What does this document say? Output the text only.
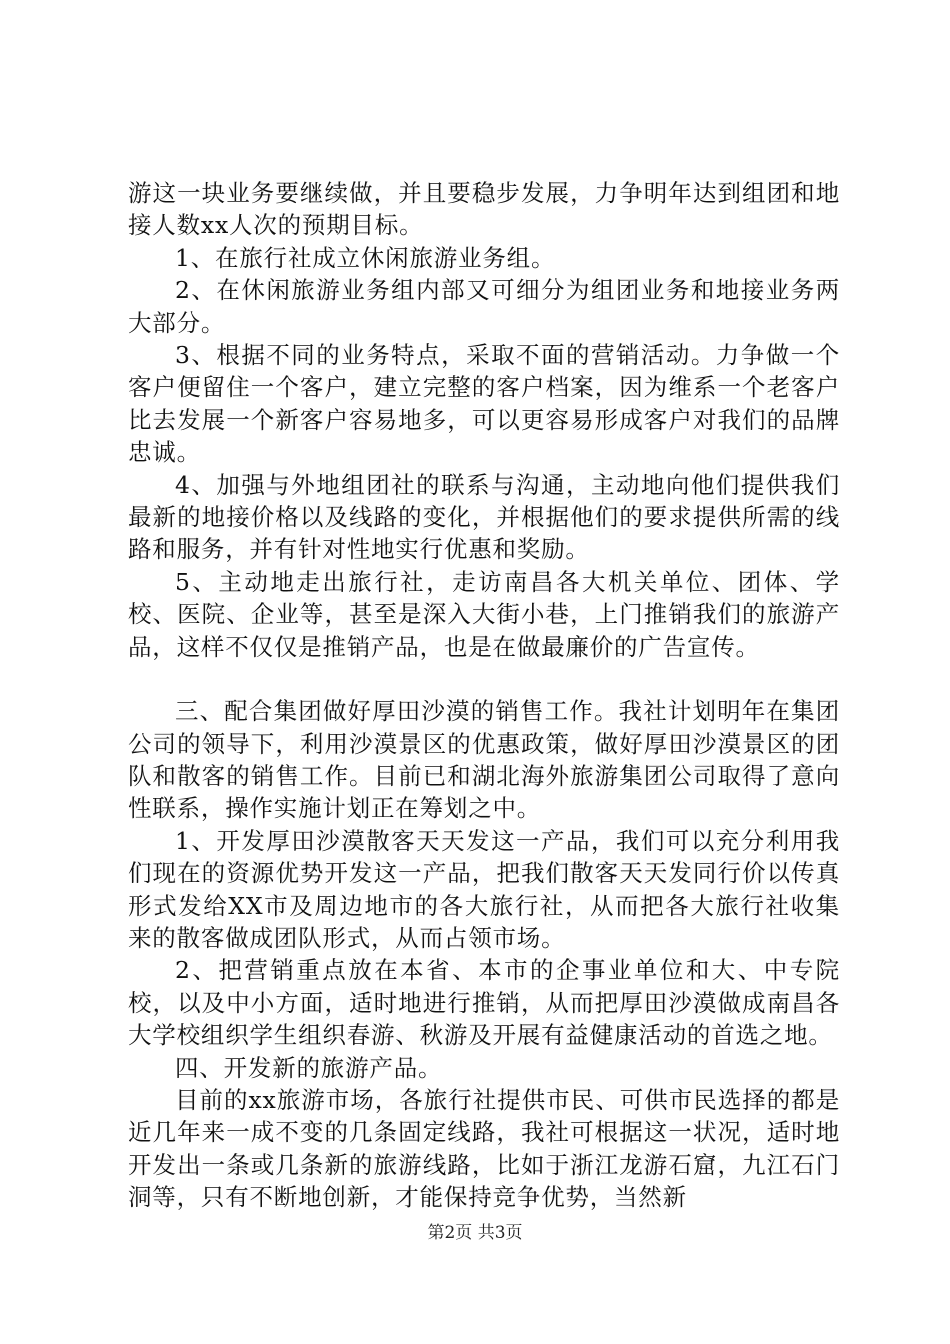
游这一块业务要继续做，并且要稳步发展，力争明年达到组团和地接人数xx人次的预期目标。

1、在旅行社成立休闲旅游业务组。

2、在休闲旅游业务组内部又可细分为组团业务和地接业务两大部分。

3、根据不同的业务特点，采取不面的营销活动。力争做一个客户便留住一个客户，建立完整的客户档案，因为维系一个老客户比去发展一个新客户容易地多，可以更容易形成客户对我们的品牌忠诚。

4、加强与外地组团社的联系与沟通，主动地向他们提供我们最新的地接价格以及线路的变化，并根据他们的要求提供所需的线路和服务，并有针对性地实行优惠和奖励。

5、主动地走出旅行社，走访南昌各大机关单位、团体、学校、医院、企业等，甚至是深入大街小巷，上门推销我们的旅游产品，这样不仅仅是推销产品，也是在做最廉价的广告宣传。

三、配合集团做好厚田沙漠的销售工作。我社计划明年在集团公司的领导下，利用沙漠景区的优惠政策，做好厚田沙漠景区的团队和散客的销售工作。目前已和湖北海外旅游集团公司取得了意向性联系，操作实施计划正在筹划之中。

1、开发厚田沙漠散客天天发这一产品，我们可以充分利用我们现在的资源优势开发这一产品，把我们散客天天发同行价以传真形式发给XX市及周边地市的各大旅行社，从而把各大旅行社收集来的散客做成团队形式，从而占领市场。

2、把营销重点放在本省、本市的企事业单位和大、中专院校，以及中小方面，适时地进行推销，从而把厚田沙漠做成南昌各大学校组织学生组织春游、秋游及开展有益健康活动的首选之地。

四、开发新的旅游产品。

目前的xx旅游市场，各旅行社提供市民、可供市民选择的都是近几年来一成不变的几条固定线路，我社可根据这一状况，适时地开发出一条或几条新的旅游线路，比如于浙江龙游石窟，九江石门洞等，只有不断地创新，才能保持竞争优势，当然新

第2页 共3页
